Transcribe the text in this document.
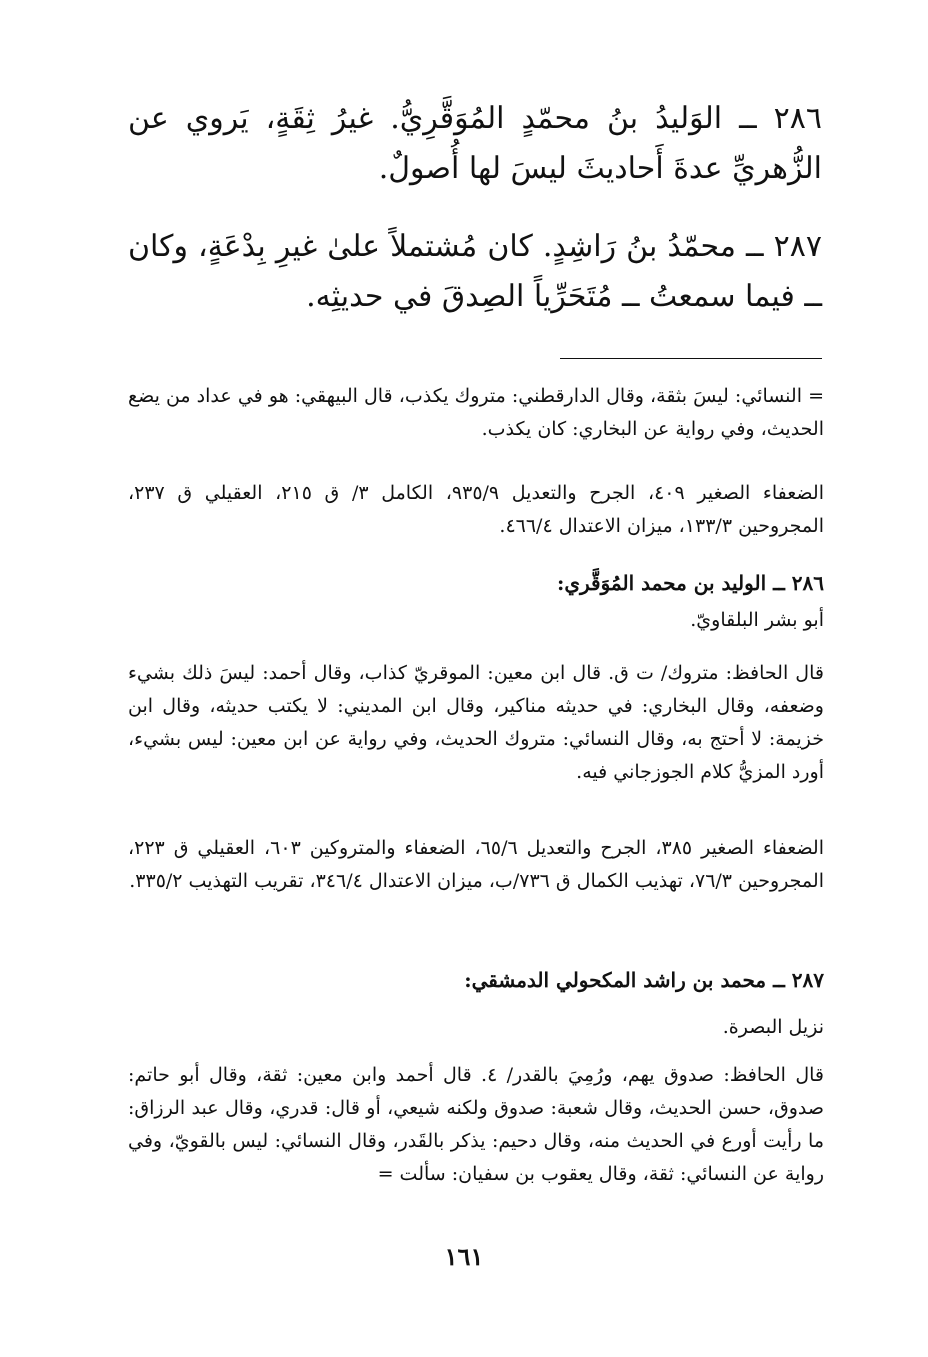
٢٨٦ ــ الوَليدُ بنُ محمّدٍ المُوَقَّرِيُّ. غيرُ ثِقَةٍ، يَروي عن الزُّهريِّ عدةَ أَحاديثَ ليسَ لها أُصولٌ.
٢٨٧ ــ محمّدُ بنُ رَاشِدٍ. كان مُشتملاً علىٰ غيرِ بِدْعَةٍ، وكان ــ فيما سمعتُ ــ مُتَحَرِّياً الصِدقَ في حديثِه.
= النسائي: ليسَ بثقة، وقال الدارقطني: متروك يكذب، قال البيهقي: هو في عداد من يضع الحديث، وفي رواية عن البخاري: كان يكذب.
الضعفاء الصغير ٤٠٩، الجرح والتعديل ٩٣٥/٩، الكامل ٣/ ق ٢١٥، العقيلي ق ٢٣٧، المجروحين ١٣٣/٣، ميزان الاعتدال ٤٦٦/٤.
٢٨٦ ــ الوليد بن محمد المُوَقَّري:
أبو بشر البلقاويّ.
قال الحافظ: متروك/ ت ق. قال ابن معين: الموقريّ كذاب، وقال أحمد: ليسَ ذلك بشيء وضعفه، وقال البخاري: في حديثه مناكير، وقال ابن المديني: لا يكتب حديثه، وقال ابن خزيمة: لا أحتج به، وقال النسائي: متروك الحديث، وفي رواية عن ابن معين: ليس بشيء، أورد المزيُّ كلام الجوزجاني فيه.
الضعفاء الصغير ٣٨٥، الجرح والتعديل ٦٥/٦، الضعفاء والمتروكين ٦٠٣، العقيلي ق ٢٢٣، المجروحين ٧٦/٣، تهذيب الكمال ق ٧٣٦/ب، ميزان الاعتدال ٣٤٦/٤، تقريب التهذيب ٣٣٥/٢.
٢٨٧ ــ محمد بن راشد المكحولي الدمشقي:
نزيل البصرة.
قال الحافظ: صدوق يهم، ورُمِيَ بالقدر/ ٤. قال أحمد وابن معين: ثقة، وقال أبو حاتم: صدوق، حسن الحديث، وقال شعبة: صدوق ولكنه شيعي، أو قال: قدري، وقال عبد الرزاق: ما رأيت أورع في الحديث منه، وقال دحيم: يذكر بالقَدر، وقال النسائي: ليس بالقويّ، وفي رواية عن النسائي: ثقة، وقال يعقوب بن سفيان: سألت =
١٦١
